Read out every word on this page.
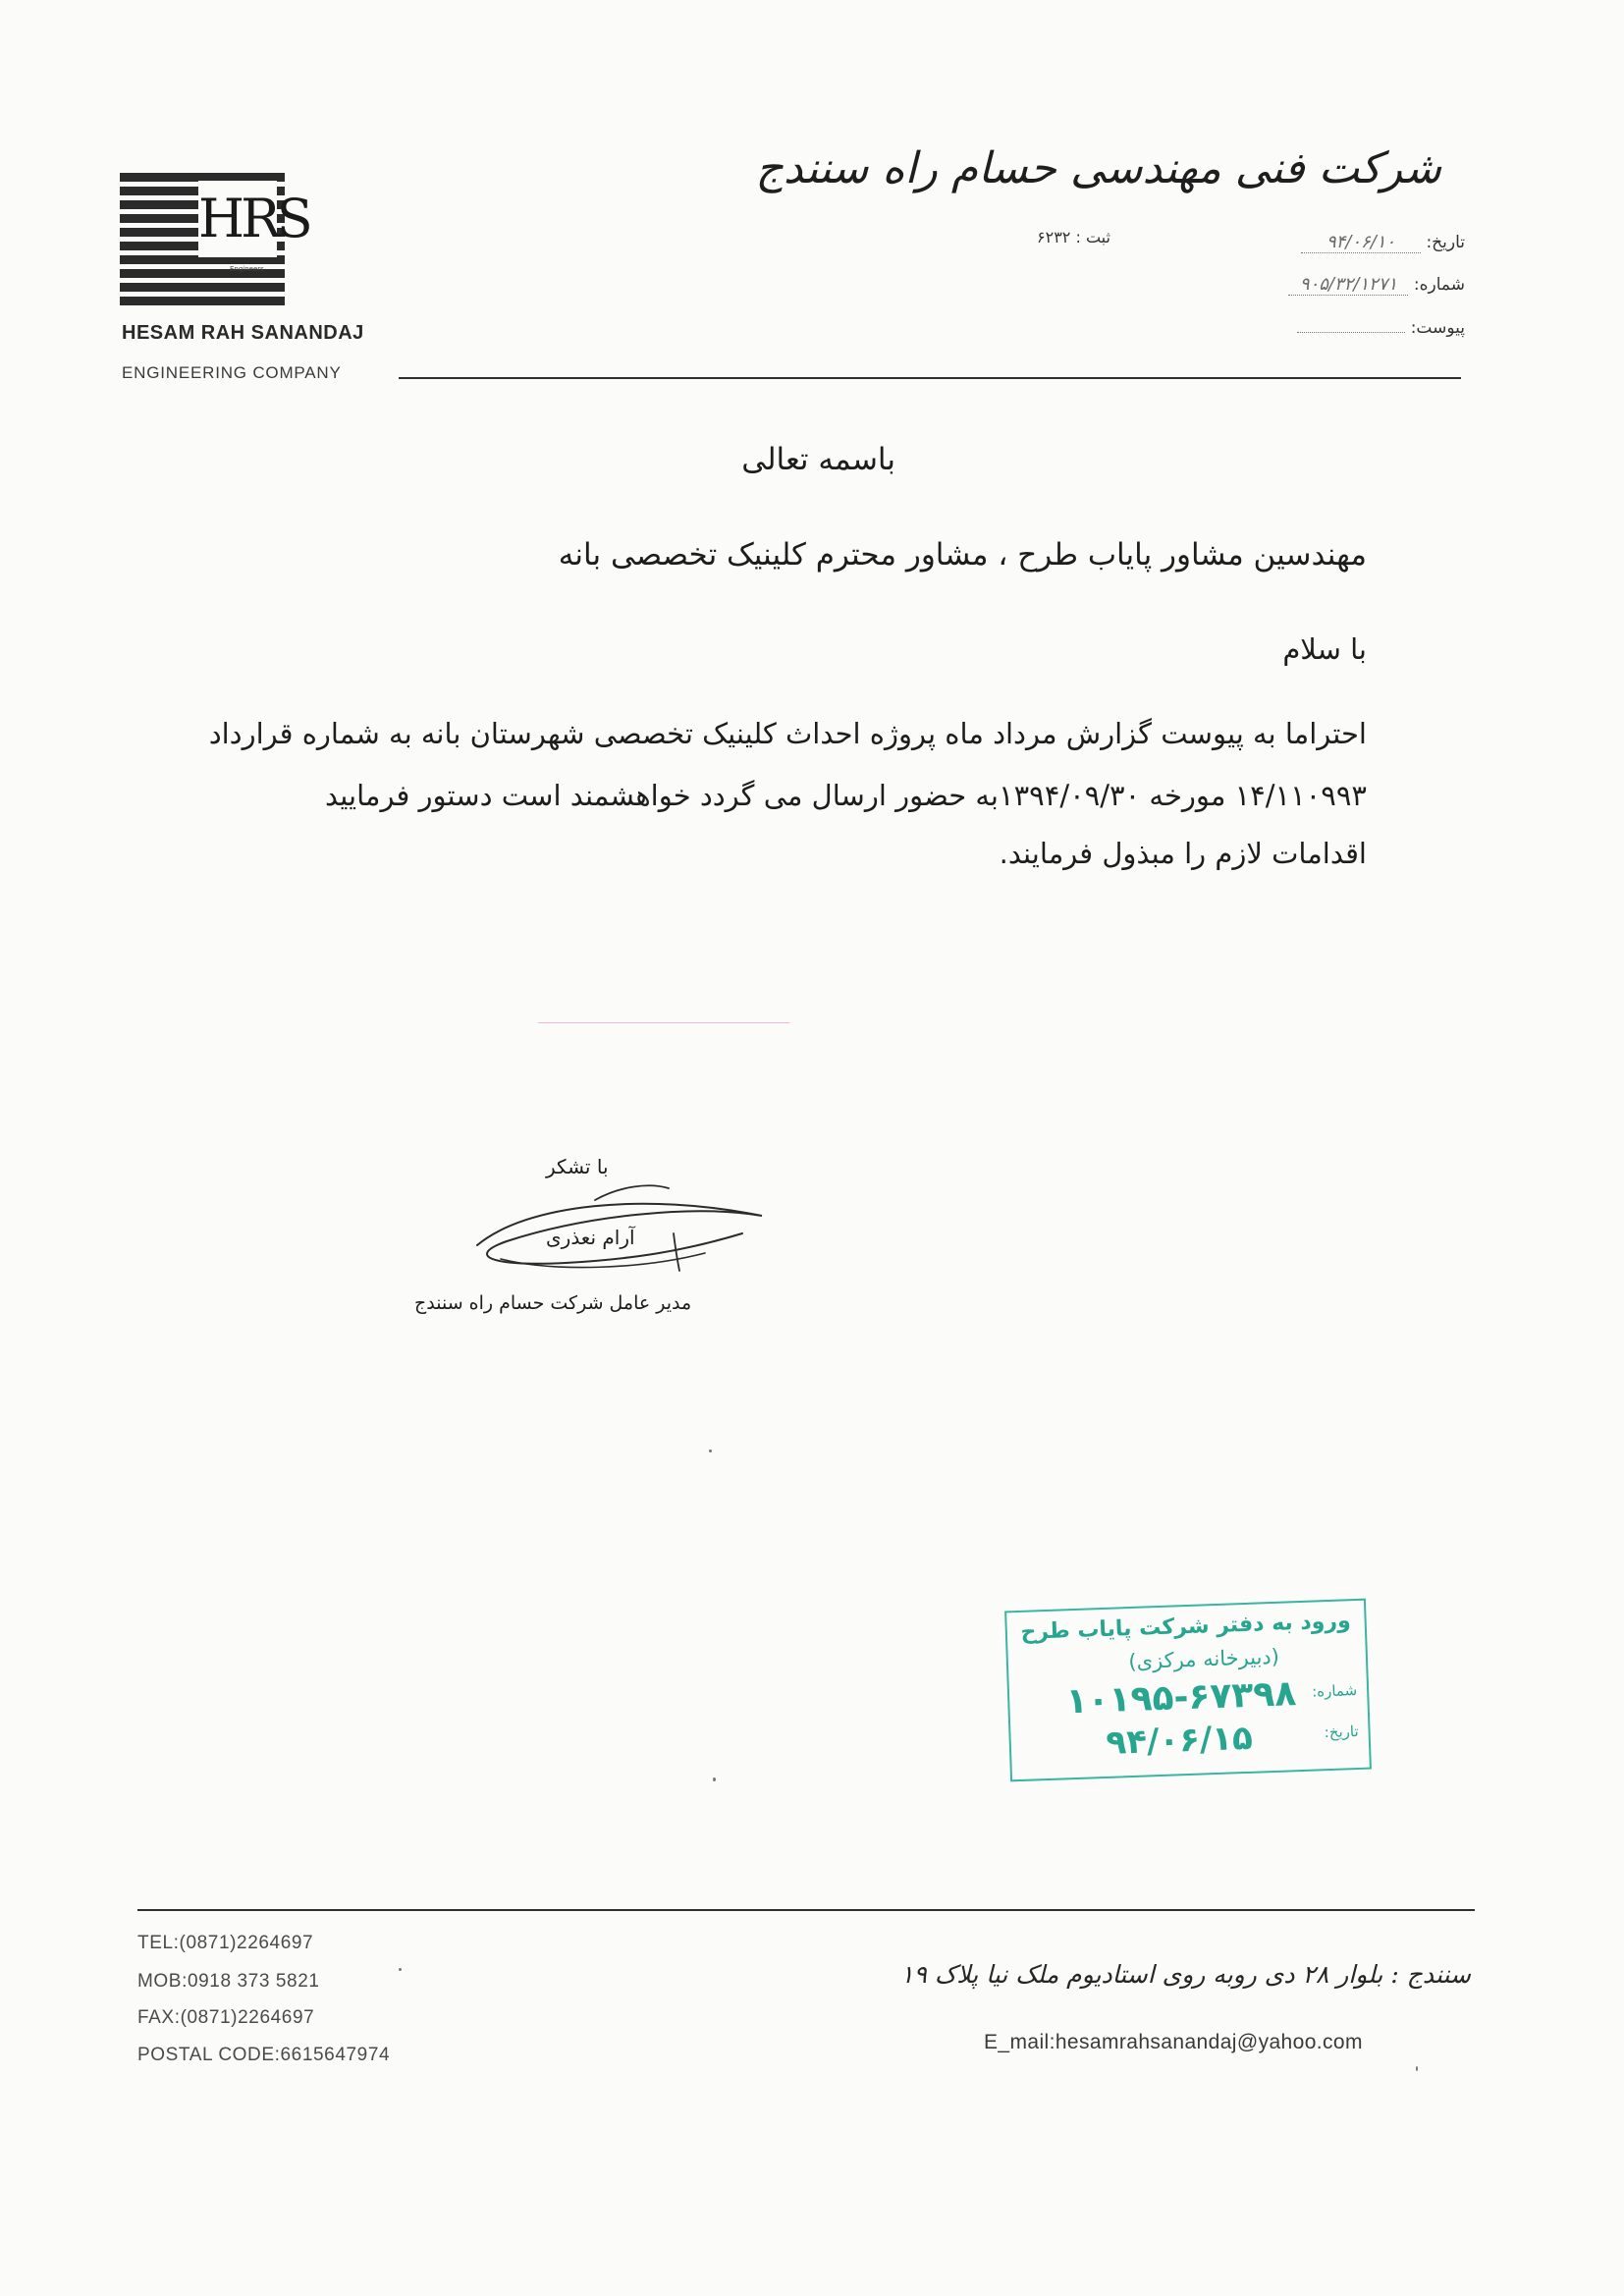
HRS
Engineers
HESAM RAH SANANDAJ
ENGINEERING COMPANY
شرکت فنی مهندسی حسام راه سنندج
ثبت : ۶۲۳۲	تاریخ: ۹۴/۰۶/۱۰
شماره: ۹۰۵/۳۲/۱۲۷۱
پیوست:
باسمه تعالی
مهندسین مشاور پایاب طرح ، مشاور محترم کلینیک تخصصی بانه
با سلام
احتراما به پیوست گزارش مرداد ماه پروژه احداث کلینیک تخصصی شهرستان بانه به شماره قرارداد
۱۴/۱۱۰۹۹۳ مورخه ۱۳۹۴/۰۹/۳۰به حضور ارسال می گردد خواهشمند است دستور فرمایید
اقدامات لازم را مبذول فرمایند.
با تشکر
آرام نعذری
مدیر عامل شرکت حسام راه سنندج
ورود به دفتر شرکت پایاب طرح
(دبیرخانه مرکزی)
شماره:
۱۰۱۹۵-۶۷۳۹۸
تاریخ:
۹۴/۰۶/۱۵
TEL:(0871)2264697
MOB:0918 373 5821
FAX:(0871)2264697
POSTAL CODE:6615647974
سنندج : بلوار ۲۸ دی روبه روی استادیوم ملک نیا پلاک ۱۹
E_mail:hesamrahsanandaj@yahoo.com
